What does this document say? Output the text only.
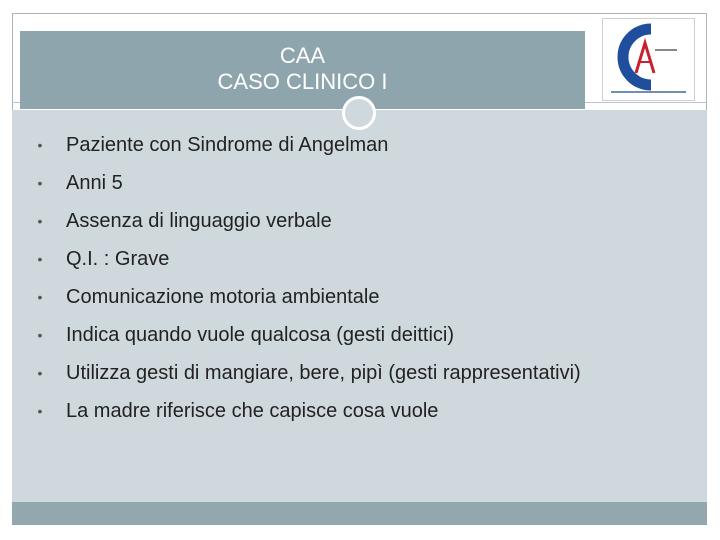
CAA
CASO CLINICO I
•	Paziente con Sindrome di Angelman
•	Anni 5
•	Assenza di linguaggio verbale
•	Q.I. : Grave
•	Comunicazione motoria ambientale
•	Indica quando vuole qualcosa (gesti deittici)
•	Utilizza gesti di mangiare, bere, pipì (gesti rappresentativi)
•	La madre riferisce che capisce cosa vuole
